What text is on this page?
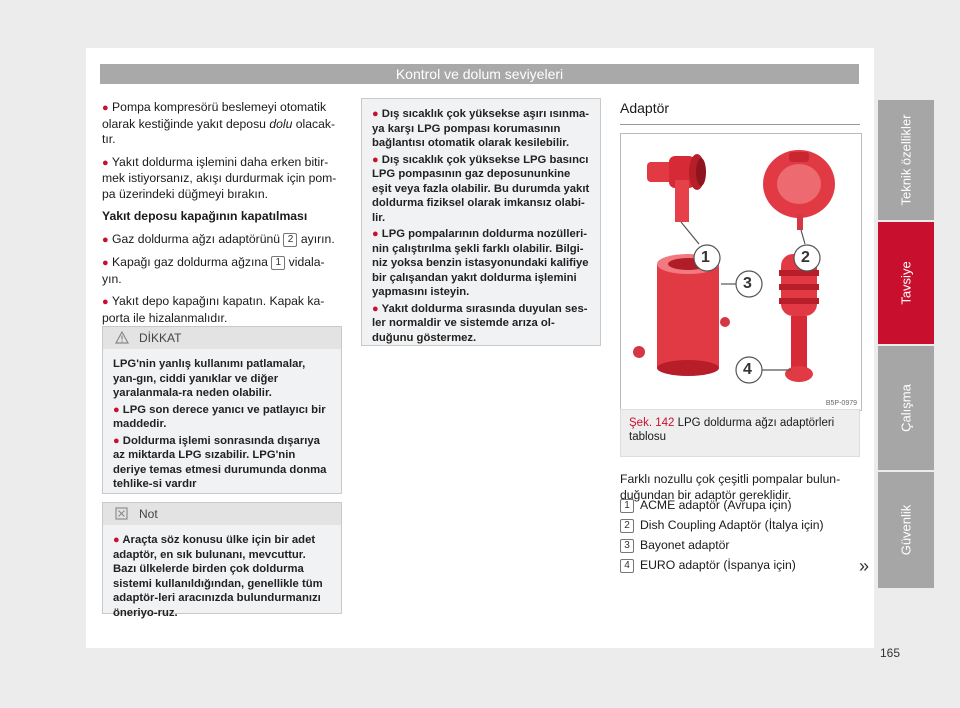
Kontrol ve dolum seviyeleri
Teknik özellikler
Tavsiye
Çalışma
Güvenlik

● Pompa kompresörü beslemeyi otomatik olarak kestiğinde yakıt deposu dolu olacak-tır.

● Yakıt doldurma işlemini daha erken bitir-mek istiyorsanız, akışı durdurmak için pom-pa üzerindeki düğmeyi bırakın.

Yakıt deposu kapağının kapatılması

● Gaz doldurma ağzı adaptörünü 2 ayırın.

● Kapağı gaz doldurma ağzına 1 vidala-yın.

● Yakıt depo kapağını kapatın. Kapak ka-porta ile hizalanmalıdır.

DİKKAT

LPG'nin yanlış kullanımı patlamalar, yan-gın, ciddi yanıklar ve diğer yaralanmala-ra neden olabilir.

● LPG son derece yanıcı ve patlayıcı bir maddedir.

● Doldurma işlemi sonrasında dışarıya az miktarda LPG sızabilir. LPG'nin deriye temas etmesi durumunda donma tehlike-si vardır

Not

● Araçta söz konusu ülke için bir adet adaptör, en sık bulunanı, mevcuttur. Bazı ülkelerde birden çok doldurma sistemi kullanıldığından, genellikle tüm adaptör-leri aracınızda bulundurmanızı öneriyo-ruz.

● Dış sıcaklık çok yüksekse aşırı ısınma-ya karşı LPG pompası korumasının bağlantısı otomatik olarak kesilebilir.

● Dış sıcaklık çok yüksekse LPG basıncı LPG pompasının gaz deposununkine eşit veya fazla olabilir. Bu durumda yakıt doldurma fiziksel olarak imkansız olabi-lir.

● LPG pompalarının doldurma nozülleri-nin çalıştırılma şekli farklı olabilir. Bilgi-niz yoksa benzin istasyonundaki kalifiye bir çalışandan yakıt doldurma işlemini yapmasını isteyin.

● Yakıt doldurma sırasında duyulan ses-ler normaldir ve sistemde arıza ol-duğunu göstermez.

Adaptör
1	2
3
4
B5P-0979
Şek. 142 LPG doldurma ağzı adaptörleri tablosu
Farklı nozullu çok çeşitli pompalar bulun-duğundan bir adaptör gereklidir.
1 ACME adaptör (Avrupa için)
2 Dish Coupling Adaptör (İtalya için)
3 Bayonet adaptör
4 EURO adaptör (İspanya için)	»
165
